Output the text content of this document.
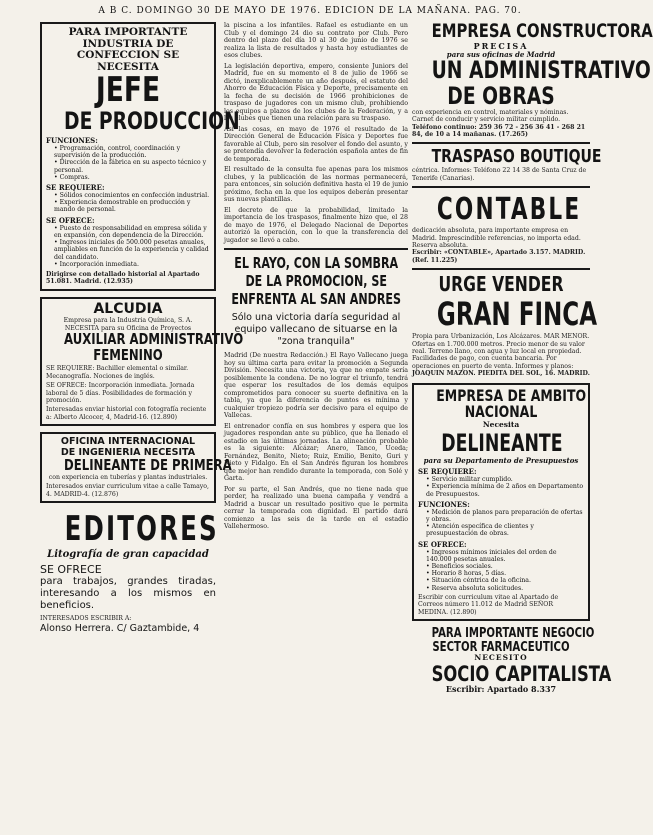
A B C. DOMINGO 30 DE MAYO DE 1976. EDICION DE LA MAÑANA. PAG. 70.
PARA IMPORTANTE INDUSTRIA DE CONFECCION SE NECESITA
JEFE
DE PRODUCCION
FUNCIONES:
• Programación, control, coordinación y supervisión de la producción.
• Dirección de la fábrica en su aspecto técnico y personal.
• Compras.
SE REQUIERE:
• Sólidos conocimientos en confección industrial.
• Experiencia demostrable en producción y mando de personal.
SE OFRECE:
• Puesto de responsabilidad en empresa sólida y en expansión, con dependencia de la Dirección.
• Ingresos iniciales de 500.000 pesetas anuales, ampliables en función de la experiencia y calidad del candidato.
• Incorporación inmediata.
Dirigirse con detallado historial al Apartado 51.081. Madrid. (12.935)
ALCUDIA
Empresa para la Industria Química, S. A. NECESITA para su Oficina de Proyectos
AUXILIAR ADMINISTRATIVO
FEMENINO
SE REQUIERE: Bachiller elemental o similar. Mecanografía. Nociones de inglés.
SE OFRECE: Incorporación inmediata. Jornada laboral de 5 días. Posibilidades de formación y promoción.
Interesadas enviar historial con fotografía reciente a: Alberto Alcocer, 4, Madrid-16. (12.890)
OFICINA INTERNACIONAL
DE INGENIERIA NECESITA
DELINEANTE DE PRIMERA
con experiencia en tuberías y plantas industriales.
Interesados enviar curriculum vitae a calle Tamayo, 4. MADRID-4. (12.876)
EDITORES
Litografía de gran capacidad
SE OFRECE
para trabajos, grandes tiradas, interesando a los mismos en beneficios.
INTERESADOS ESCRIBIR A:
Alonso Herrera. C/ Gaztambide, 4

la piscina a los infantiles. Rafael es estudiante en un Club y el domingo 24 dio su contrato por Club. Pero dentro del plazo del día 10 al 30 de junio de 1976 se realiza la lista de resultados y hasta hoy estudiantes de esos clubes.

La legislación deportiva, empero, consiente Juniors del Madrid, fue en su momento el 8 de julio de 1966 se dictó, inexplicablemente un año después, el estatuto del Ahorro de Educación Física y Deporte, precisamente en la fecha de su decisión de 1966 prohibiciones de traspaso de jugadores con un mismo club, prohibiendo los equipos a plazos de los clubes de la Federación, y a los clubes que tienen una relación para su traspaso.

Así las cosas, en mayo de 1976 el resultado de la Dirección General de Educación Física y Deportes fue favorable al Club, pero sin resolver el fondo del asunto, y se pretendía devolver la federación española antes de fin de temporada.

El resultado de la consulta fue apenas para los mismos clubes, y la publicación de las normas permanecerá, para entonces, sin solución definitiva hasta el 19 de junio próximo, fecha en la que los equipos deberán presentar sus nuevas plantillas.

El decreto de que la probabilidad, limitado la importancia de los traspasos, finalmente hizo que, el 28 de mayo de 1976, el Delegado Nacional de Deportes autorizó la operación, con lo que la transferencia del jugador se llevó a cabo.

EL RAYO, CON LA SOMBRA DE LA PROMOCION, SE ENFRENTA AL SAN ANDRES
Sólo una victoria daría seguridad al equipo vallecano de situarse en la "zona tranquila"

Madrid (De nuestra Redacción.) El Rayo Vallecano juega hoy su última carta para evitar la promoción a Segunda División. Necesita una victoria, ya que no empate sería posiblemente la condena. De no lograr el triunfo, tendrá que esperar los resultados de los demás equipos comprometidos para conocer su suerte definitiva en la tabla, ya que la diferencia de puntos es mínima y cualquier tropiezo podría ser decisivo para el equipo de Vallecas.

El entrenador confía en sus hombres y espera que los jugadores respondan ante su público, que ha llenado el estadio en las últimas jornadas. La alineación probable es la siguiente: Alcázar; Anero, Tanco, Uceda; Fernández, Benito, Nieto; Ruiz, Emilio, Benito, Guri y Nieto y Fidalgo. En el San Andrés figuran los hombres que mejor han rendido durante la temporada, con Solé y Garta.

Por su parte, el San Andrés, que no tiene nada que perder, ha realizado una buena campaña y vendrá a Madrid a buscar un resultado positivo que le permita cerrar la temporada con dignidad. El partido dará comienzo a las seis de la tarde en el estadio Vallehermoso.

EMPRESA CONSTRUCTORA
PRECISA
para sus oficinas de Madrid
UN ADMINISTRATIVO
DE OBRAS
con experiencia en control, materiales y nóminas. Carnet de conducir y servicio militar cumplido.
Teléfono continuo: 259 36 72 - 256 36 41 - 268 21 84, de 10 a 14 mañanas. (17.265)
TRASPASO BOUTIQUE
céntrica. Informes: Teléfono 22 14 38 de Santa Cruz de Tenerife (Canarias).
CONTABLE
dedicación absoluta, para importante empresa en Madrid. Imprescindible referencias, no importa edad. Reserva absoluta.
Escribir: «CONTABLE», Apartado 3.157. MADRID. (Ref. 11.225)
URGE VENDER
GRAN FINCA
Propia para Urbanización, Los Alcázares. MAR MENOR. Ofertas en 1.700.000 metros. Precio menor de su valor real. Terreno llano, con agua y luz local en propiedad. Facilidades de pago, con cuenta bancaria. Por operaciones en puerto de venta. Informes y planos:
JOAQUIN MAZON. PIEDITA DEL SOL, 16. MADRID.
EMPRESA DE AMBITO
NACIONAL
Necesita
DELINEANTE
para su Departamento de Presupuestos
SE REQUIERE:
• Servicio militar cumplido.
• Experiencia mínima de 2 años en Departamento de Presupuestos.
FUNCIONES:
• Medición de planos para preparación de ofertas y obras.
• Atención específica de clientes y presupuestación de obras.
SE OFRECE:
• Ingresos mínimos iniciales del orden de 140.000 pesetas anuales.
• Beneficios sociales.
• Horario 8 horas, 5 días.
• Situación céntrica de la oficina.
• Reserva absoluta solicitudes.
Escribir con curriculum vitae al Apartado de Correos número 11.012 de Madrid SEÑOR MEDINA. (12.890)
PARA IMPORTANTE NEGOCIO
SECTOR FARMACEUTICO
NECESITO
SOCIO CAPITALISTA
Escribir: Apartado 8.337
